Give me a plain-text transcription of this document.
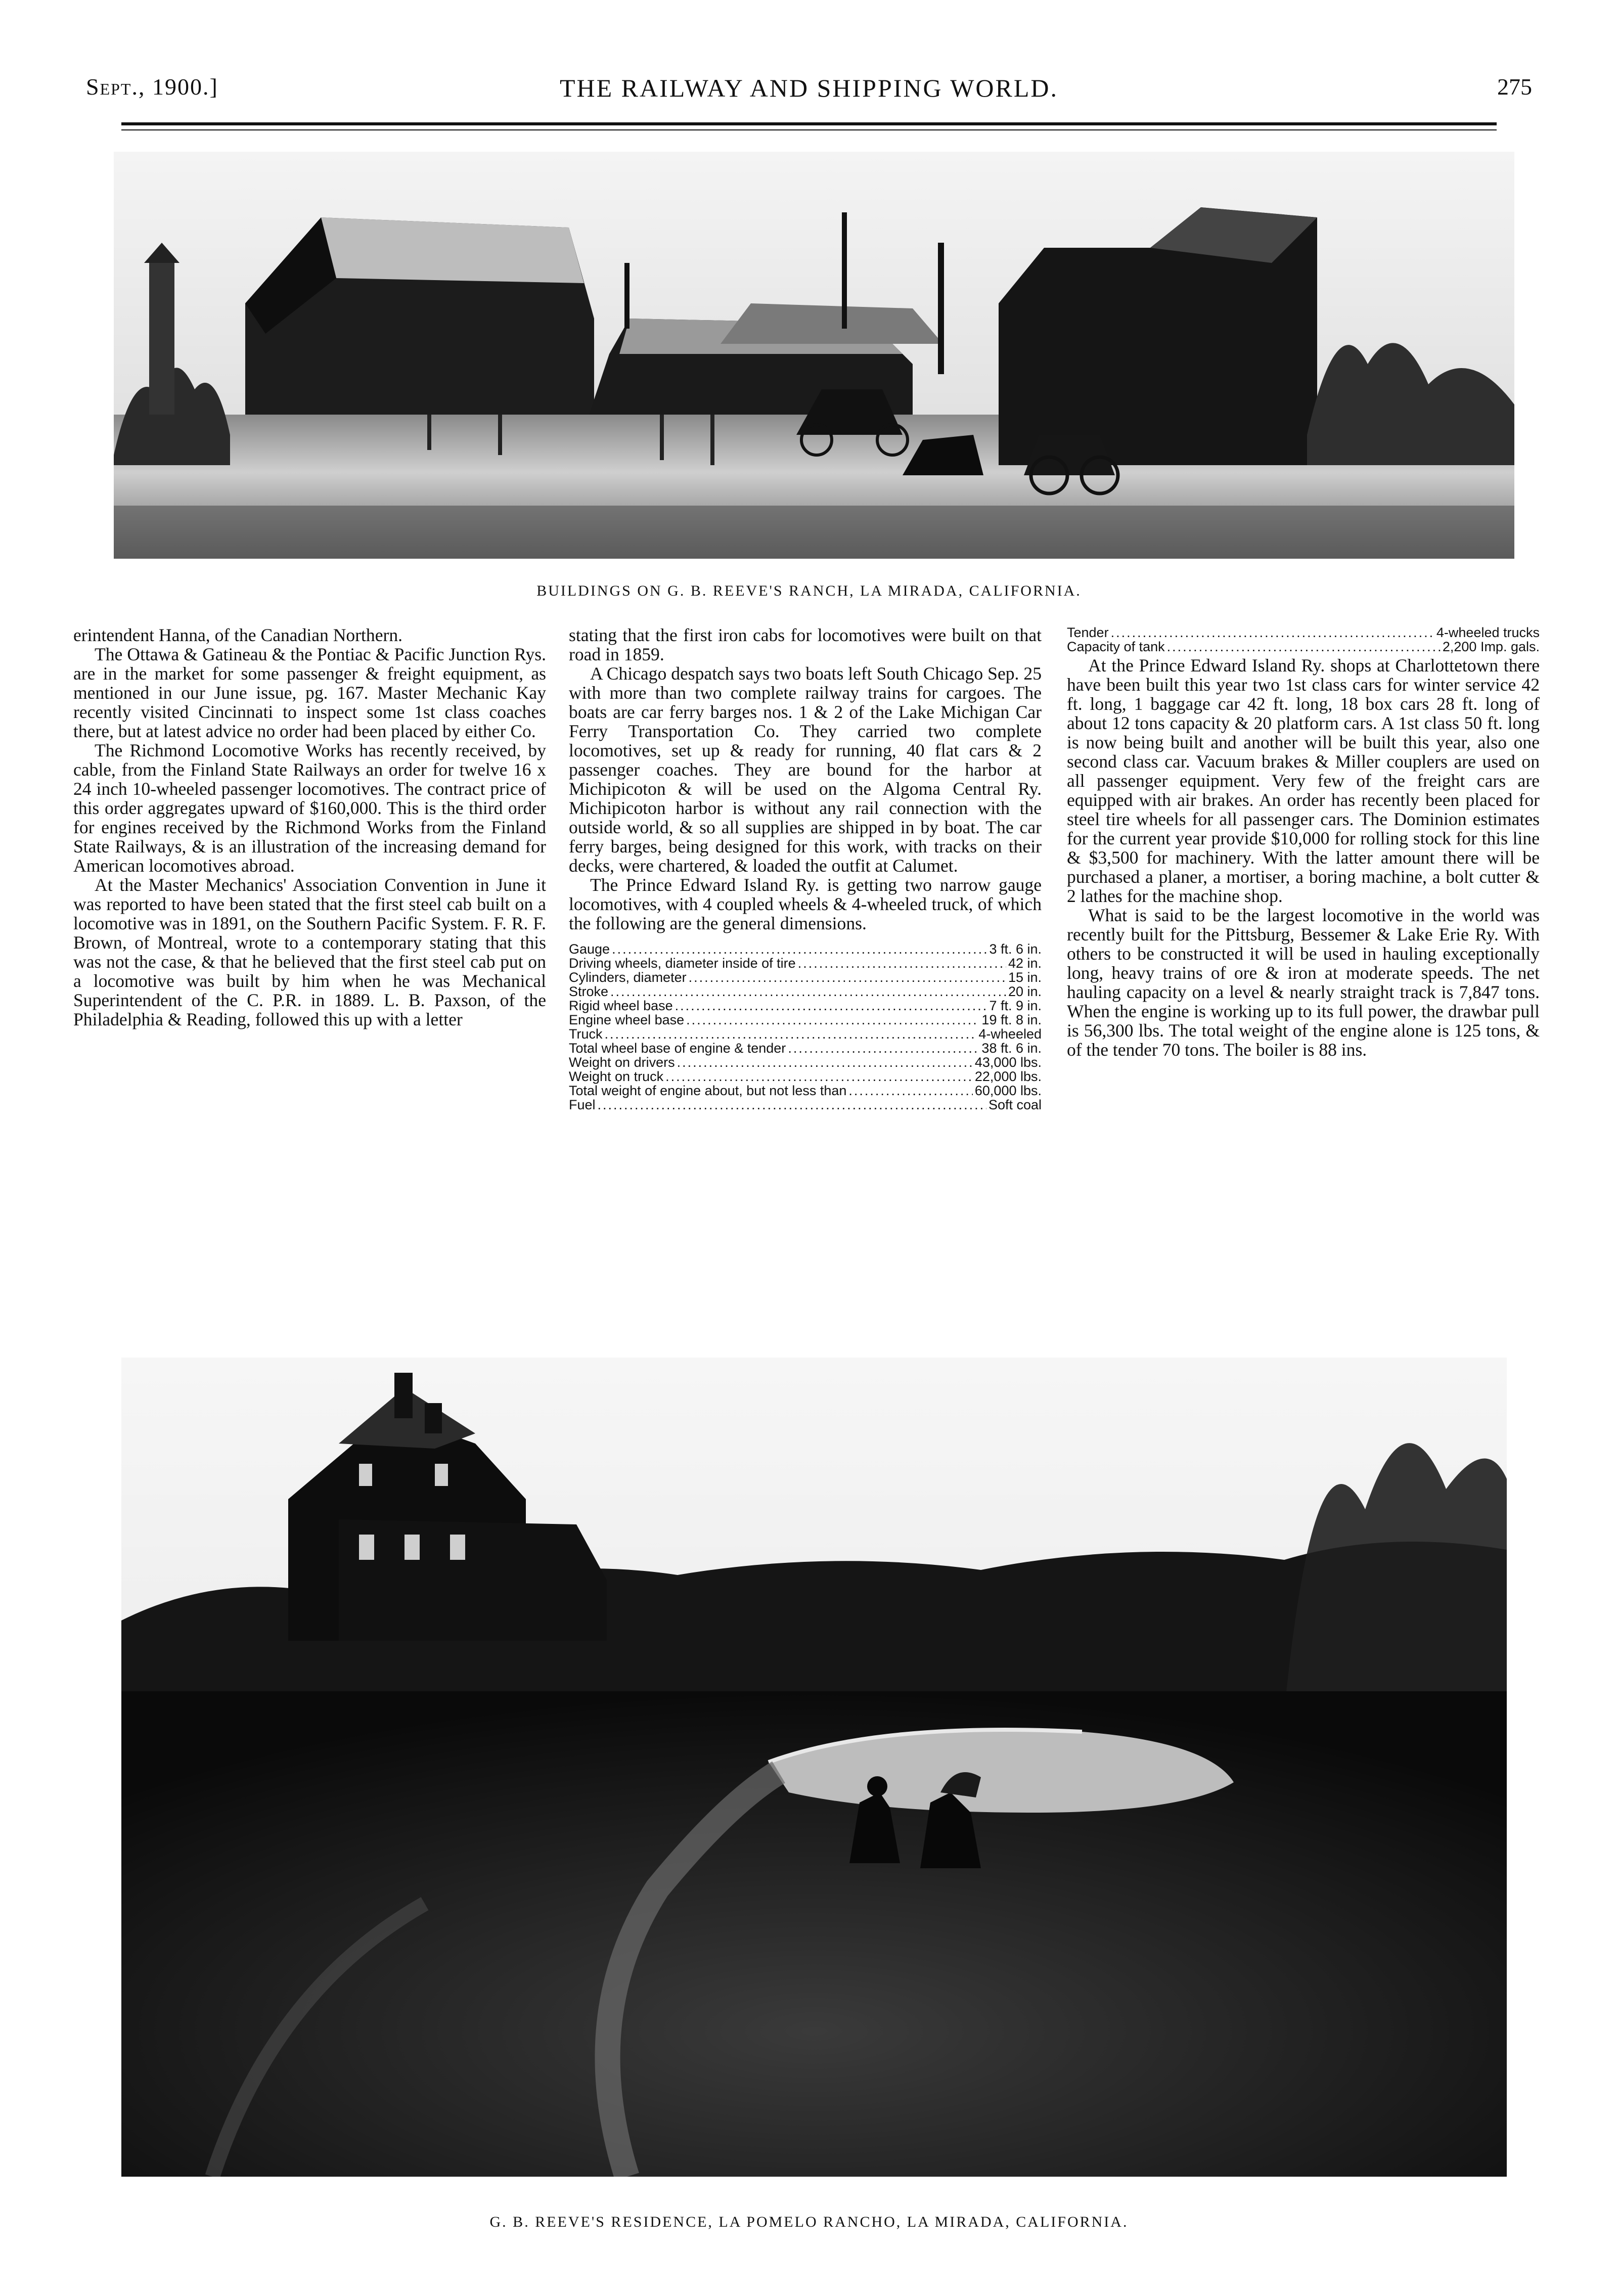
Sept., 1900.]	THE RAILWAY AND SHIPPING WORLD.	275
BUILDINGS ON G. B. REEVE'S RANCH, LA MIRADA, CALIFORNIA.

erintendent Hanna, of the Canadian Northern.

The Ottawa & Gatineau & the Pontiac & Pacific Junction Rys. are in the market for some passenger & freight equipment, as mentioned in our June issue, pg. 167. Master Mechanic Kay recently visited Cincinnati to inspect some 1st class coaches there, but at latest advice no order had been placed by either Co.

The Richmond Locomotive Works has recently received, by cable, from the Finland State Railways an order for twelve 16 x 24 inch 10-wheeled passenger locomotives. The contract price of this order aggregates upward of $160,000. This is the third order for engines received by the Richmond Works from the Finland State Railways, & is an illustration of the increasing demand for American locomotives abroad.

At the Master Mechanics' Association Convention in June it was reported to have been stated that the first steel cab built on a locomotive was in 1891, on the Southern Pacific System. F. R. F. Brown, of Montreal, wrote to a contemporary stating that this was not the case, & that he believed that the first steel cab put on a locomotive was built by him when he was Mechanical Superintendent of the C. P.R. in 1889. L. B. Paxson, of the Philadelphia & Reading, followed this up with a letter

stating that the first iron cabs for locomotives were built on that road in 1859.

A Chicago despatch says two boats left South Chicago Sep. 25 with more than two complete railway trains for cargoes. The boats are car ferry barges nos. 1 & 2 of the Lake Michigan Car Ferry Transportation Co. They carried two complete locomotives, set up & ready for running, 40 flat cars & 2 passenger coaches. They are bound for the harbor at Michipicoton & will be used on the Algoma Central Ry. Michipicoton harbor is without any rail connection with the outside world, & so all supplies are shipped in by boat. The car ferry barges, being designed for this work, with tracks on their decks, were chartered, & loaded the outfit at Calumet.

The Prince Edward Island Ry. is getting two narrow gauge locomotives, with 4 coupled wheels & 4-wheeled truck, of which the following are the general dimensions.

Gauge .....	3 ft. 6 in.
Driving wheels, diameter inside of tire .....	42 in.
Cylinders, diameter .....	15 in.
Stroke .....	20 in.
Rigid wheel base .....	7 ft. 9 in.
Engine wheel base .....	19 ft. 8 in.
Truck .....	4-wheeled
Total wheel base of engine & tender .....	38 ft. 6 in.
Weight on drivers .....	43,000 lbs.
Weight on truck .....	22,000 lbs.
Total weight of engine about, but not less than .....	60,000 lbs.
Fuel .....	Soft coal
Tender .....	4-wheeled trucks
Capacity of tank .....	2,200 Imp. gals.

At the Prince Edward Island Ry. shops at Charlottetown there have been built this year two 1st class cars for winter service 42 ft. long, 1 baggage car 42 ft. long, 18 box cars 28 ft. long of about 12 tons capacity & 20 platform cars. A 1st class 50 ft. long is now being built and another will be built this year, also one second class car. Vacuum brakes & Miller couplers are used on all passenger equipment. Very few of the freight cars are equipped with air brakes. An order has recently been placed for steel tire wheels for all passenger cars. The Dominion estimates for the current year provide $10,000 for rolling stock for this line & $3,500 for machinery. With the latter amount there will be purchased a planer, a mortiser, a boring machine, a bolt cutter & 2 lathes for the machine shop.

What is said to be the largest locomotive in the world was recently built for the Pittsburg, Bessemer & Lake Erie Ry. With others to be constructed it will be used in hauling exceptionally long, heavy trains of ore & iron at moderate speeds. The net hauling capacity on a level & nearly straight track is 7,847 tons. When the engine is working up to its full power, the drawbar pull is 56,300 lbs. The total weight of the engine alone is 125 tons, & of the tender 70 tons. The boiler is 88 ins.

G. B. REEVE'S RESIDENCE, LA POMELO RANCHO, LA MIRADA, CALIFORNIA.
